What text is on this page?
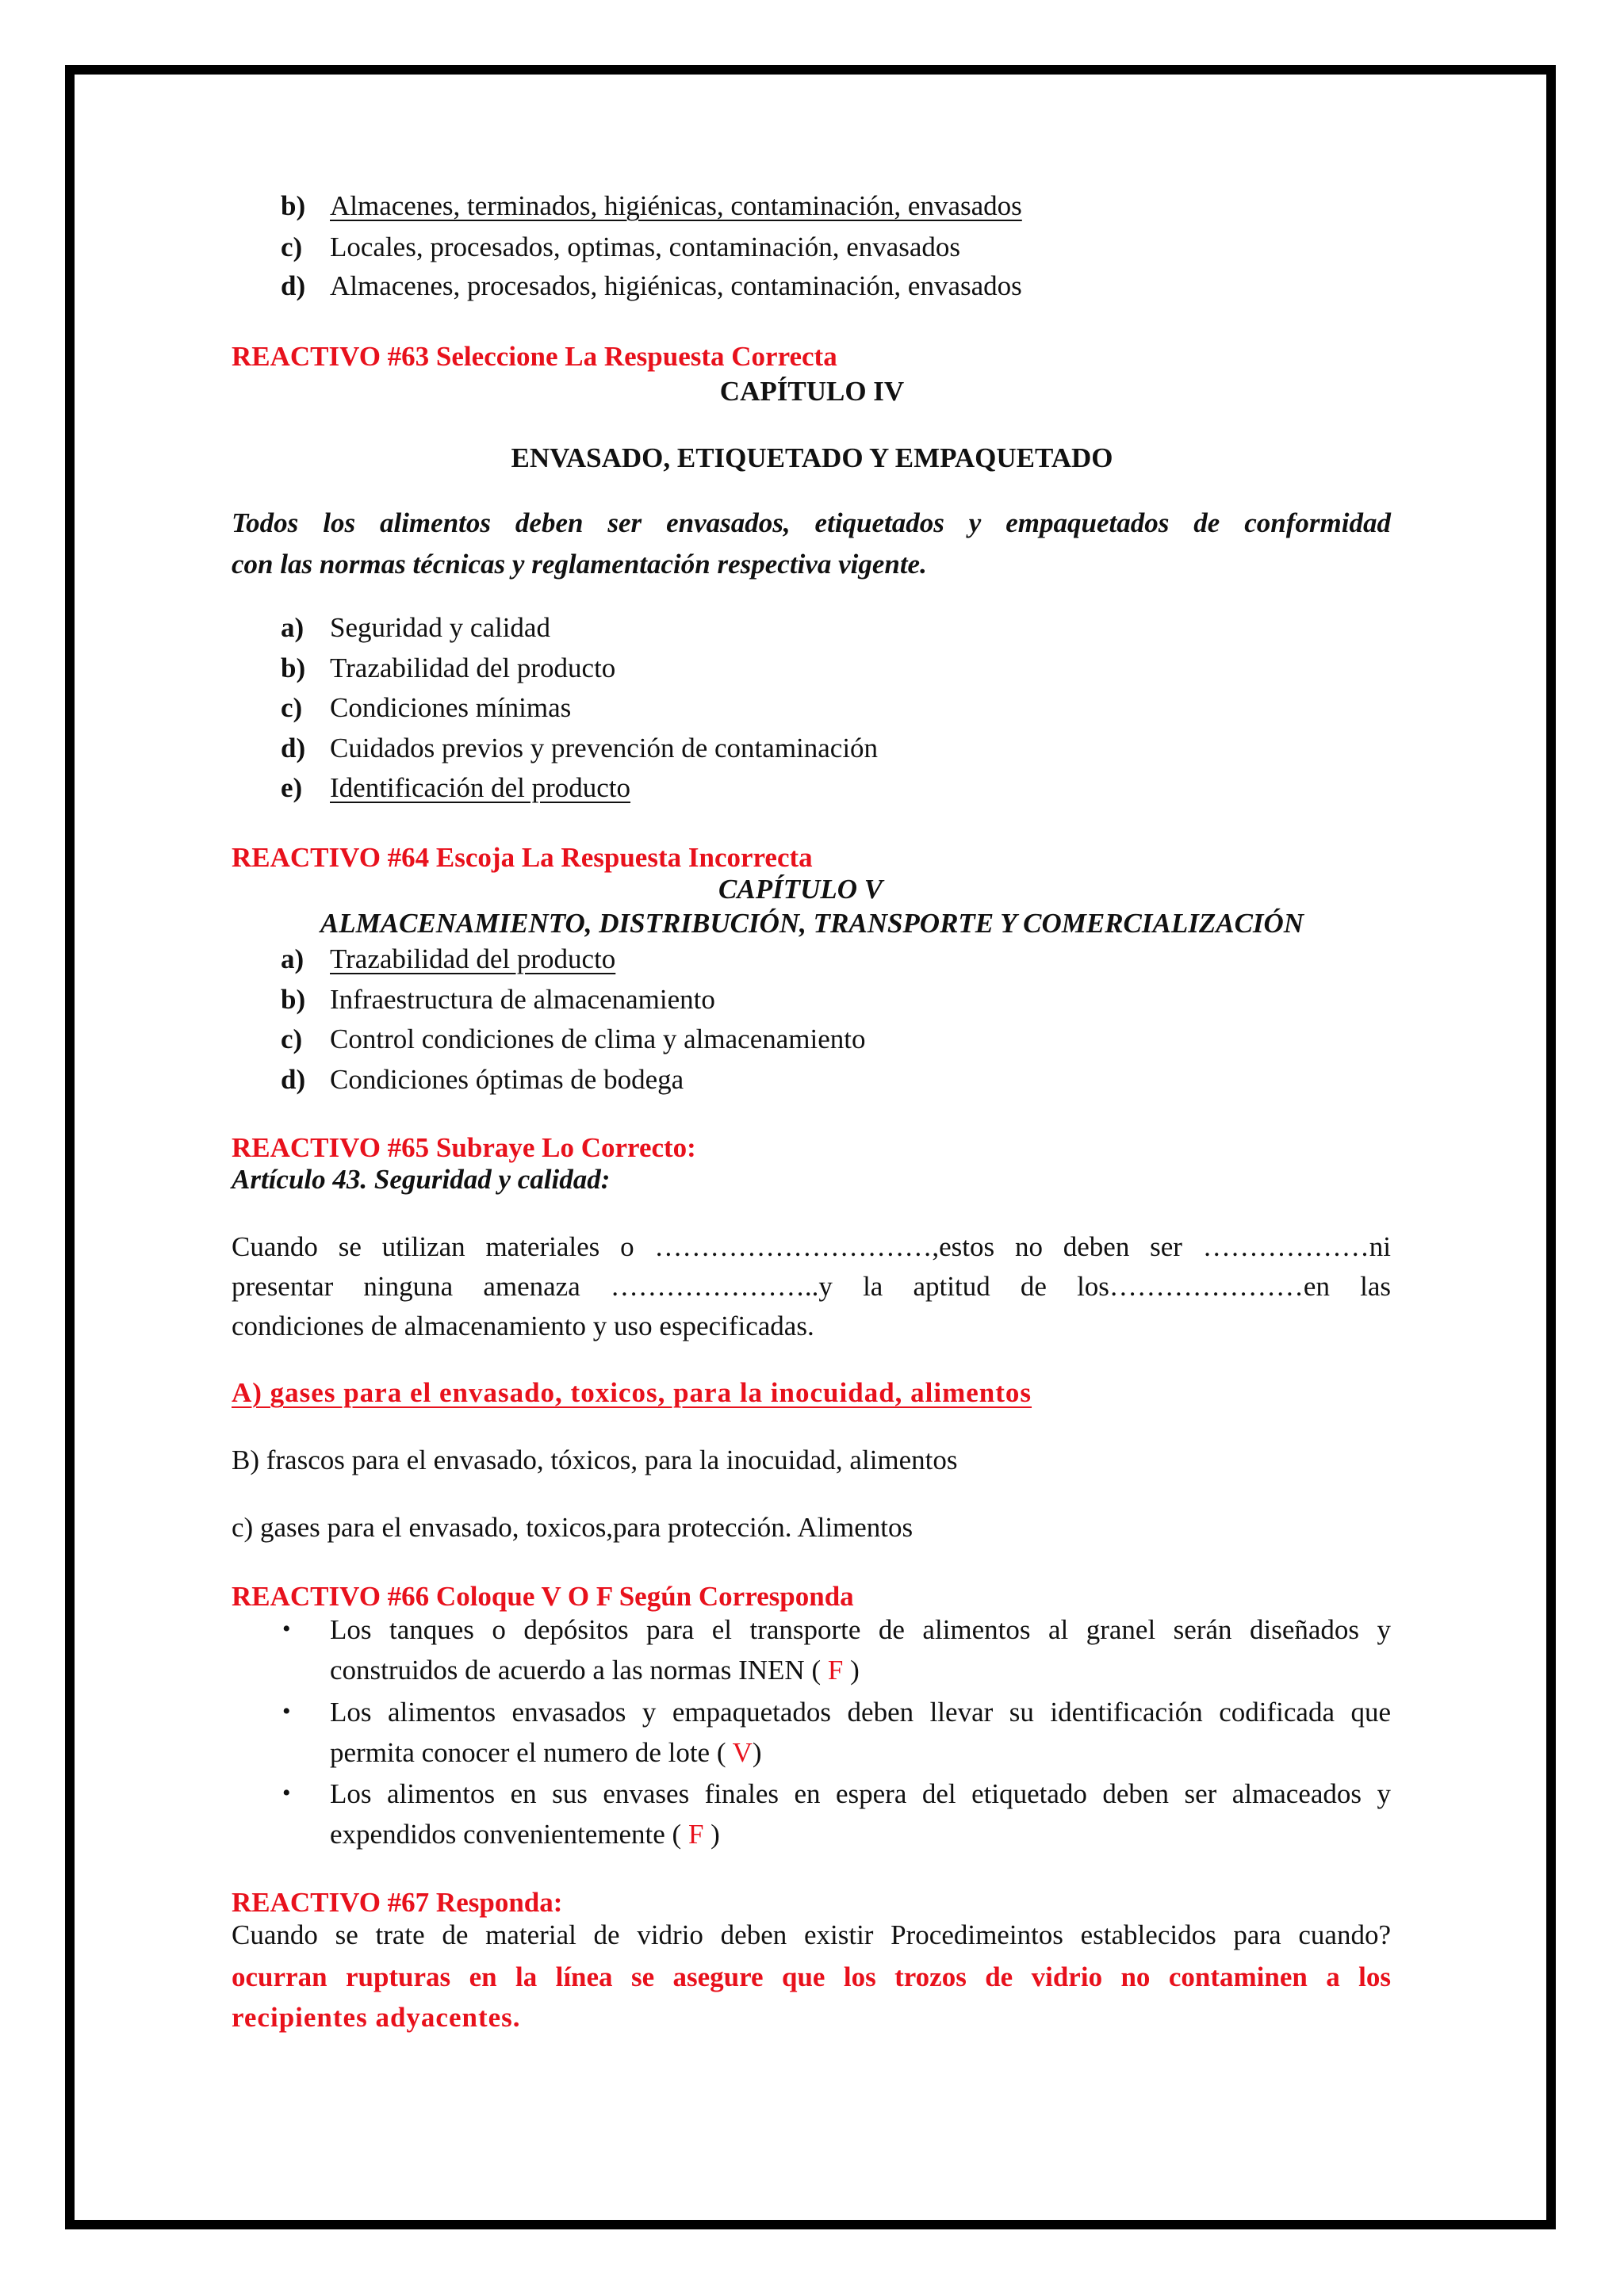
b) Almacenes, terminados, higiénicas, contaminación, envasados
c) Locales, procesados, optimas, contaminación, envasados
d) Almacenes, procesados, higiénicas, contaminación, envasados
REACTIVO #63 Seleccione La Respuesta Correcta
CAPÍTULO IV
ENVASADO, ETIQUETADO Y EMPAQUETADO
Todos los alimentos deben ser envasados, etiquetados y empaquetados de conformidad
con las normas técnicas y reglamentación respectiva vigente.
a) Seguridad y calidad
b) Trazabilidad del producto
c) Condiciones mínimas
d) Cuidados previos y prevención de contaminación
e) Identificación del producto
REACTIVO #64 Escoja La Respuesta Incorrecta
CAPÍTULO V
ALMACENAMIENTO, DISTRIBUCIÓN, TRANSPORTE Y COMERCIALIZACIÓN
a) Trazabilidad del producto
b) Infraestructura de almacenamiento
c) Control condiciones de clima y almacenamiento
d) Condiciones óptimas de bodega
REACTIVO #65 Subraye Lo Correcto:
Artículo 43. Seguridad y calidad:
Cuando se utilizan materiales o …………………………,estos no deben ser ………………ni
presentar ninguna amenaza …………………..y la aptitud de los…………………en las
condiciones de almacenamiento y uso especificadas.
A) gases para el envasado, toxicos, para la inocuidad, alimentos
B) frascos para el envasado, tóxicos, para la inocuidad, alimentos
c) gases para el envasado, toxicos,para protección. Alimentos
REACTIVO #66 Coloque V O F Según Corresponda
• Los tanques o depósitos para el transporte de alimentos al granel serán diseñados y
construidos de acuerdo a las normas INEN ( F )
• Los alimentos envasados y empaquetados deben llevar su identificación codificada que
permita conocer el numero de lote ( V)
• Los alimentos en sus envases finales en espera del etiquetado deben ser almaceados y
expendidos convenientemente ( F )
REACTIVO #67 Responda:
Cuando se trate de material de vidrio deben existir Procedimeintos establecidos para cuando?
ocurran rupturas en la línea se asegure que los trozos de vidrio no contaminen a los
recipientes adyacentes.
